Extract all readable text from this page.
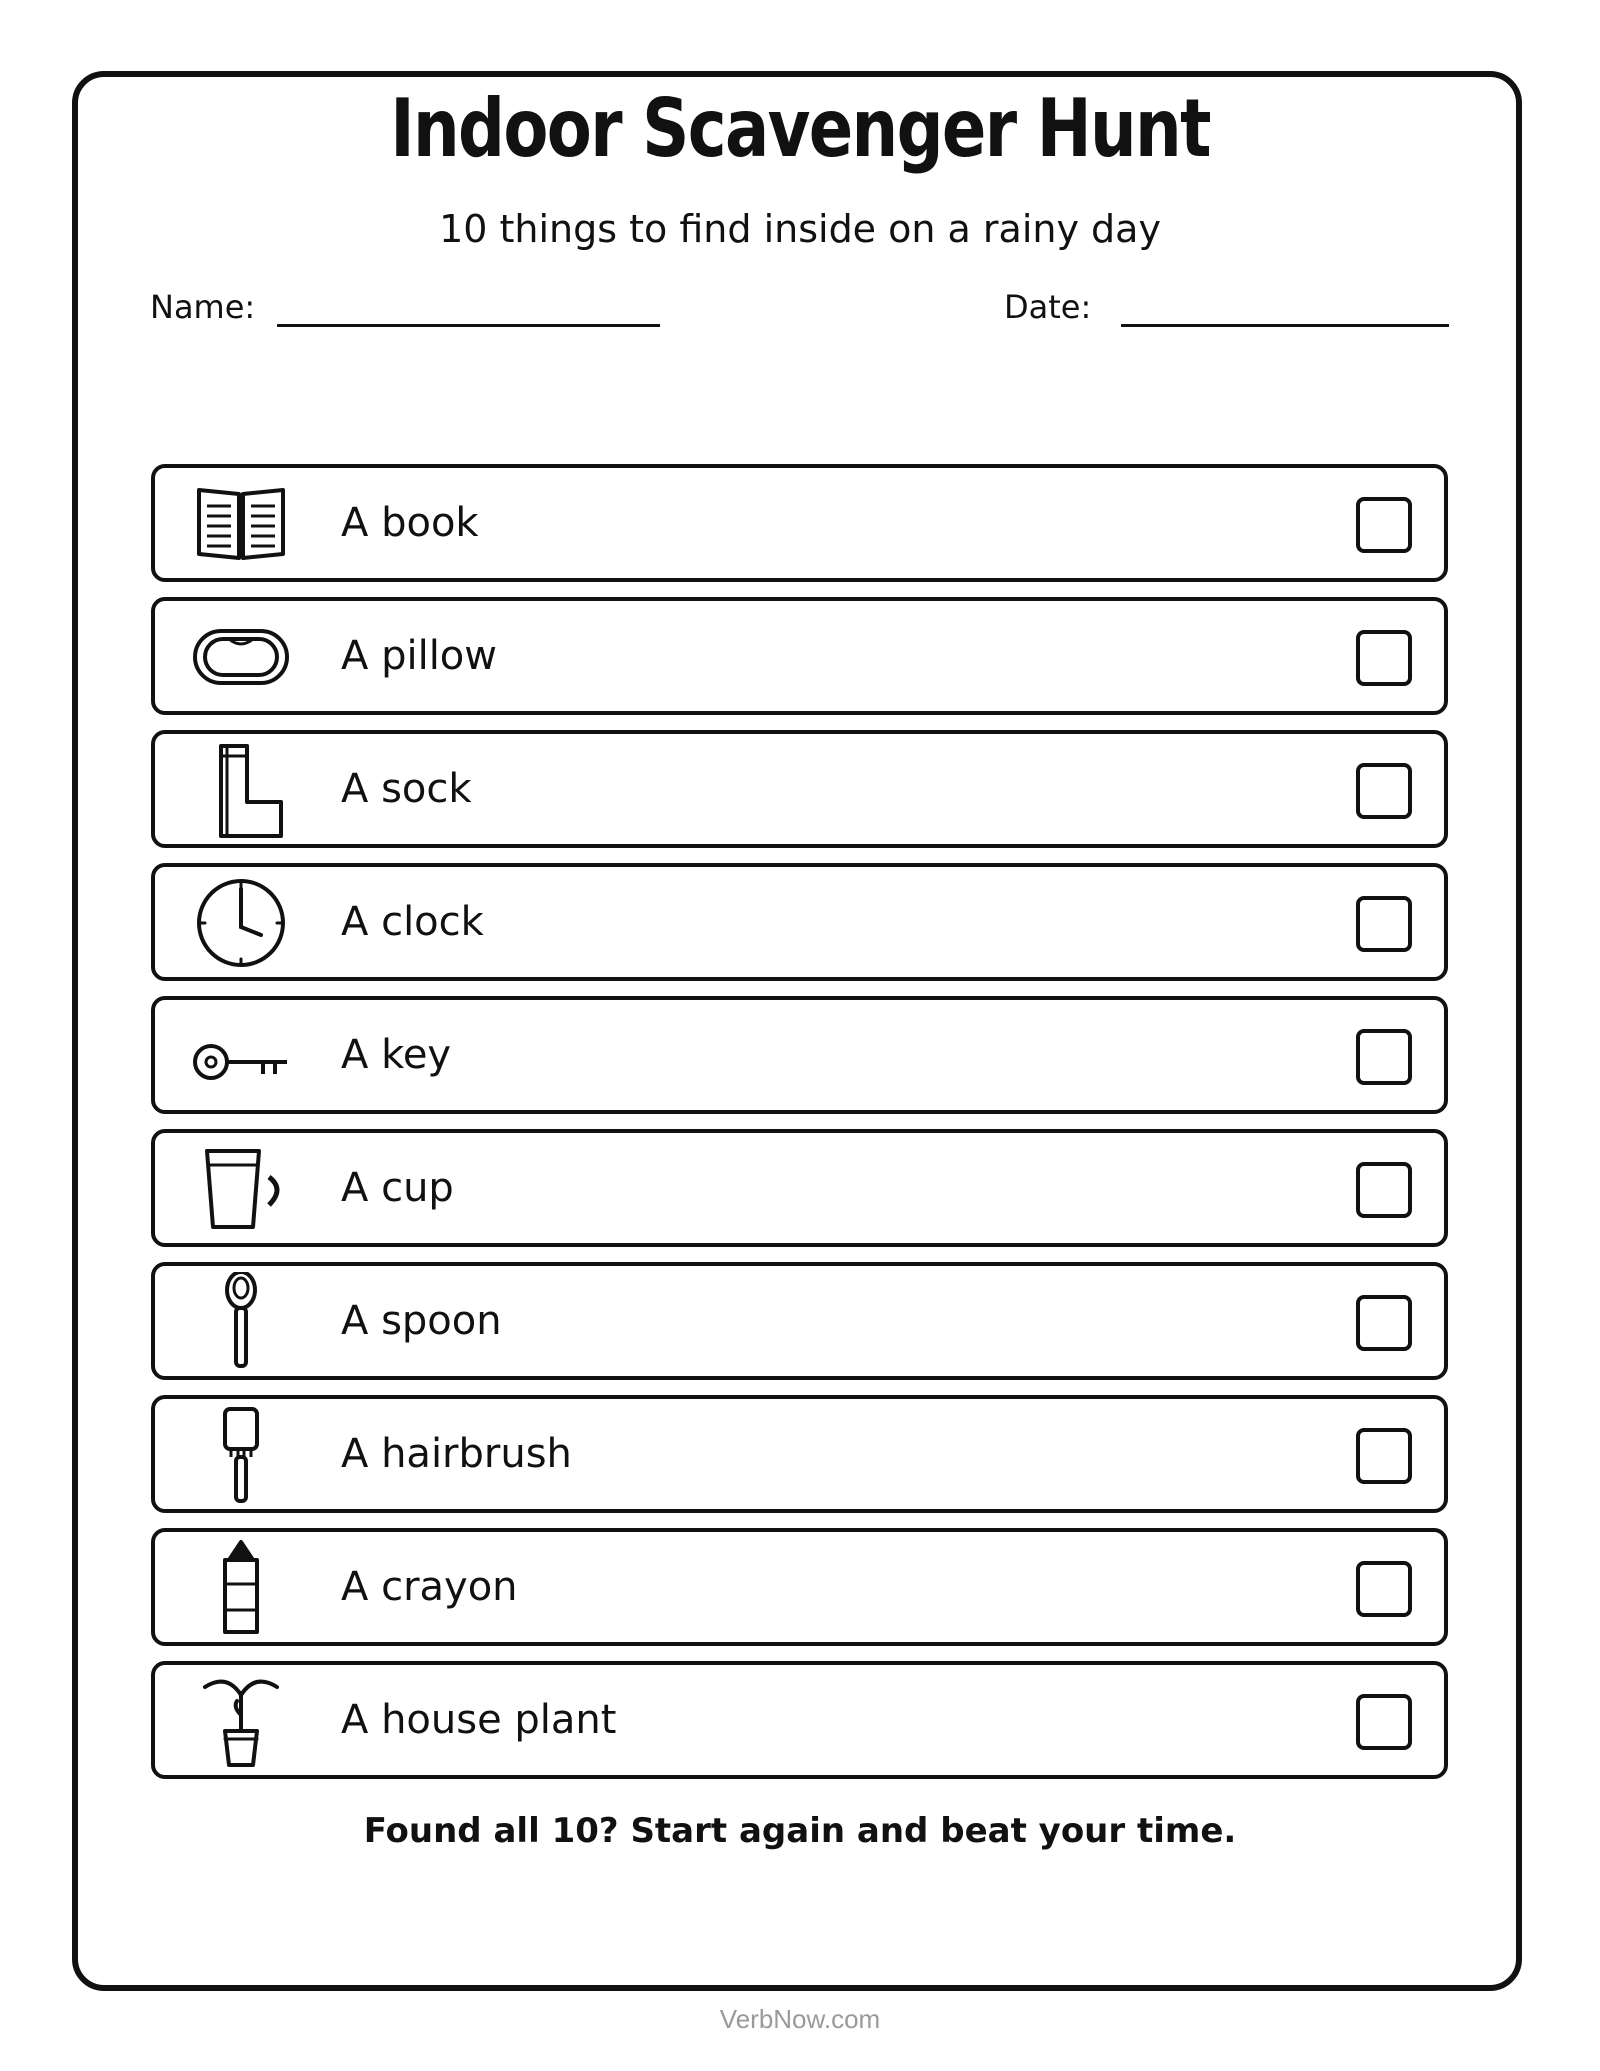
Indoor Scavenger Hunt
10 things to find inside on a rainy day
Name:	Date:
A book
A pillow
A sock
A clock
A key
A cup
A spoon
A hairbrush
A crayon
A house plant
Found all 10? Start again and beat your time.
VerbNow.com
